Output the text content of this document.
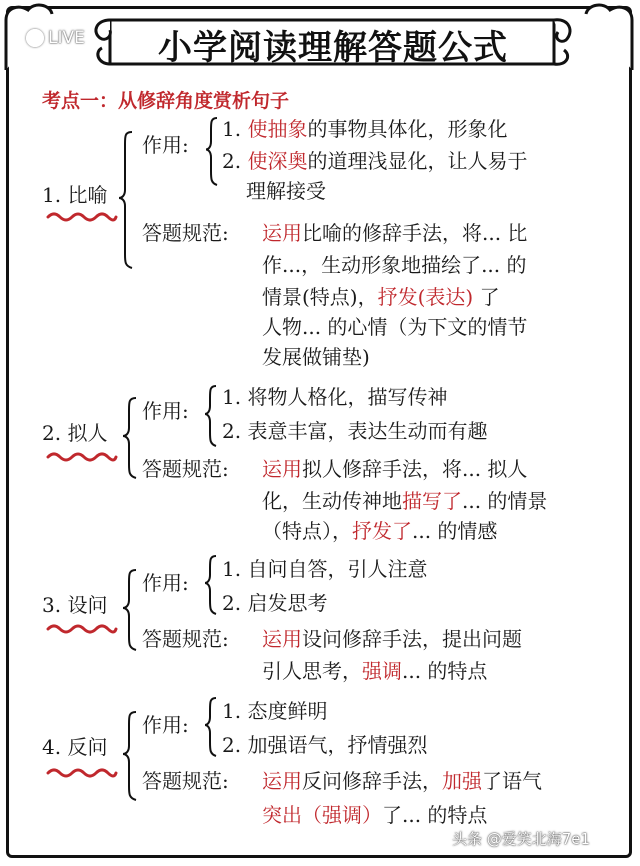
LIVE	小学阅读理解答题公式
考点一：从修辞角度赏析句子
1. 比喻
作用:
1. 使抽象的事物具体化，形象化
2. 使深奥的道理浅显化，让人易于
理解接受
答题规范: 运用比喻的修辞手法，将... 比
作...，生动形象地描绘了... 的
情景(特点)，抒发(表达) 了
人物... 的心情（为下文的情节
发展做铺垫)
2. 拟人
作用:
1. 将物人格化，描写传神
2. 表意丰富，表达生动而有趣
答题规范: 运用拟人修辞手法，将... 拟人
化，生动传神地描写了... 的情景
（特点），抒发了... 的情感
3. 设问
作用:
1. 自问自答，引人注意
2. 启发思考
答题规范: 运用设问修辞手法，提出问题
引人思考，强调... 的特点
4. 反问
作用:
1. 态度鲜明
2. 加强语气，抒情强烈
答题规范: 运用反问修辞手法，加强了语气
突出（强调）了... 的特点
头条 @爱笑北海7e1
